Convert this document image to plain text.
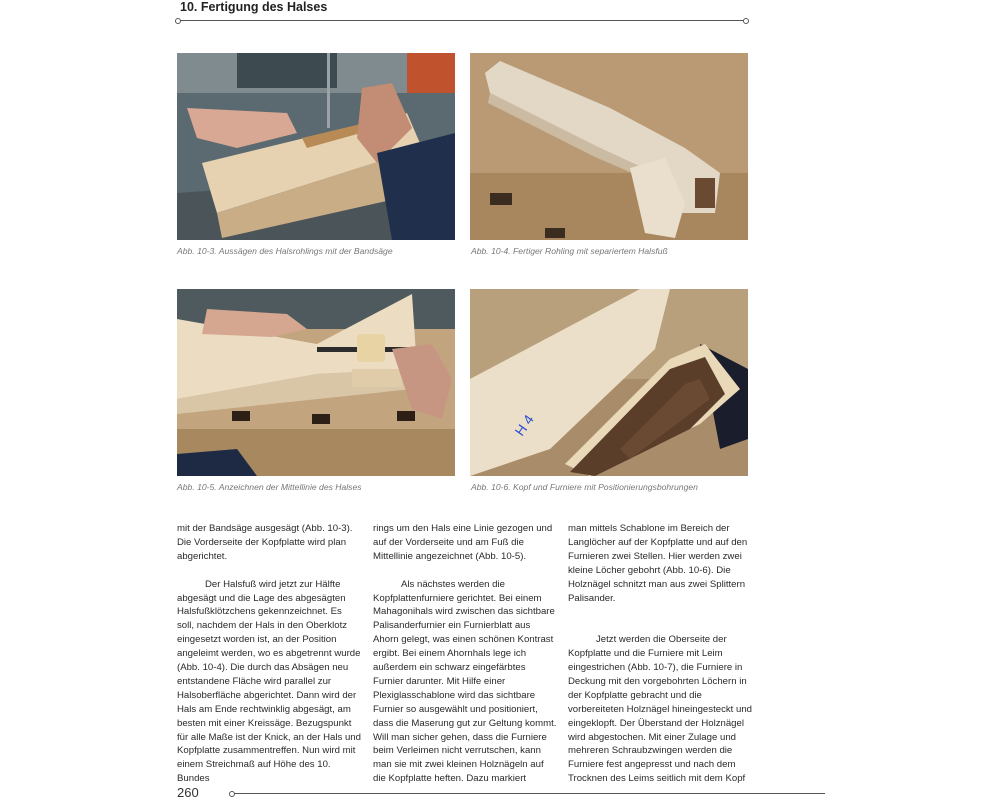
10. Fertigung des Halses
Abb. 10-3. Aussägen des Halsrohlings mit der Bandsäge	Abb. 10-4. Fertiger Rohling mit separiertem Halsfuß
Abb. 10-5. Anzeichnen der Mittellinie des Halses
H 4
Abb. 10-6. Kopf und Furniere mit Positionierungsbohrungen

mit der Bandsäge ausgesägt (Abb. 10-3). Die Vorderseite der Kopfplatte wird plan abgerichtet.

Der Halsfuß wird jetzt zur Hälfte abgesägt und die Lage des abgesägten Halsfußklötzchens gekennzeichnet. Es soll, nachdem der Hals in den Oberklotz eingesetzt worden ist, an der Position angeleimt werden, wo es abgetrennt wurde (Abb. 10-4). Die durch das Absägen neu entstandene Fläche wird parallel zur Halsoberfläche abgerichtet. Dann wird der Hals am Ende rechtwinklig abgesägt, am besten mit einer Kreissäge. Bezugspunkt für alle Maße ist der Knick, an der Hals und Kopfplatte zusammentreffen. Nun wird mit einem Streichmaß auf Höhe des 10. Bundes

rings um den Hals eine Linie gezogen und auf der Vorderseite und am Fuß die Mittellinie angezeichnet (Abb. 10-5).

Als nächstes werden die Kopfplattenfurniere gerichtet. Bei einem Mahagonihals wird zwischen das sichtbare Palisanderfurnier ein Furnierblatt aus Ahorn gelegt, was einen schönen Kontrast ergibt. Bei einem Ahornhals lege ich außerdem ein schwarz eingefärbtes Furnier darunter. Mit Hilfe einer Plexiglasschablone wird das sichtbare Furnier so ausgewählt und positioniert, dass die Maserung gut zur Geltung kommt. Will man sicher gehen, dass die Furniere beim Verleimen nicht verrutschen, kann man sie mit zwei kleinen Holznägeln auf die Kopfplatte heften. Dazu markiert

man mittels Schablone im Bereich der Langlöcher auf der Kopfplatte und auf den Furnieren zwei Stellen. Hier werden zwei kleine Löcher gebohrt (Abb. 10-6). Die Holznägel schnitzt man aus zwei Splittern Palisander.

Jetzt werden die Oberseite der Kopfplatte und die Furniere mit Leim eingestrichen (Abb. 10-7), die Furniere in Deckung mit den vorgebohrten Löchern in der Kopfplatte gebracht und die vorbereiteten Holznägel hineingesteckt und eingeklopft. Der Überstand der Holznägel wird abgestochen. Mit einer Zulage und mehreren Schraubzwingen werden die Furniere fest angepresst und nach dem Trocknen des Leims seitlich mit dem Kopf

260
